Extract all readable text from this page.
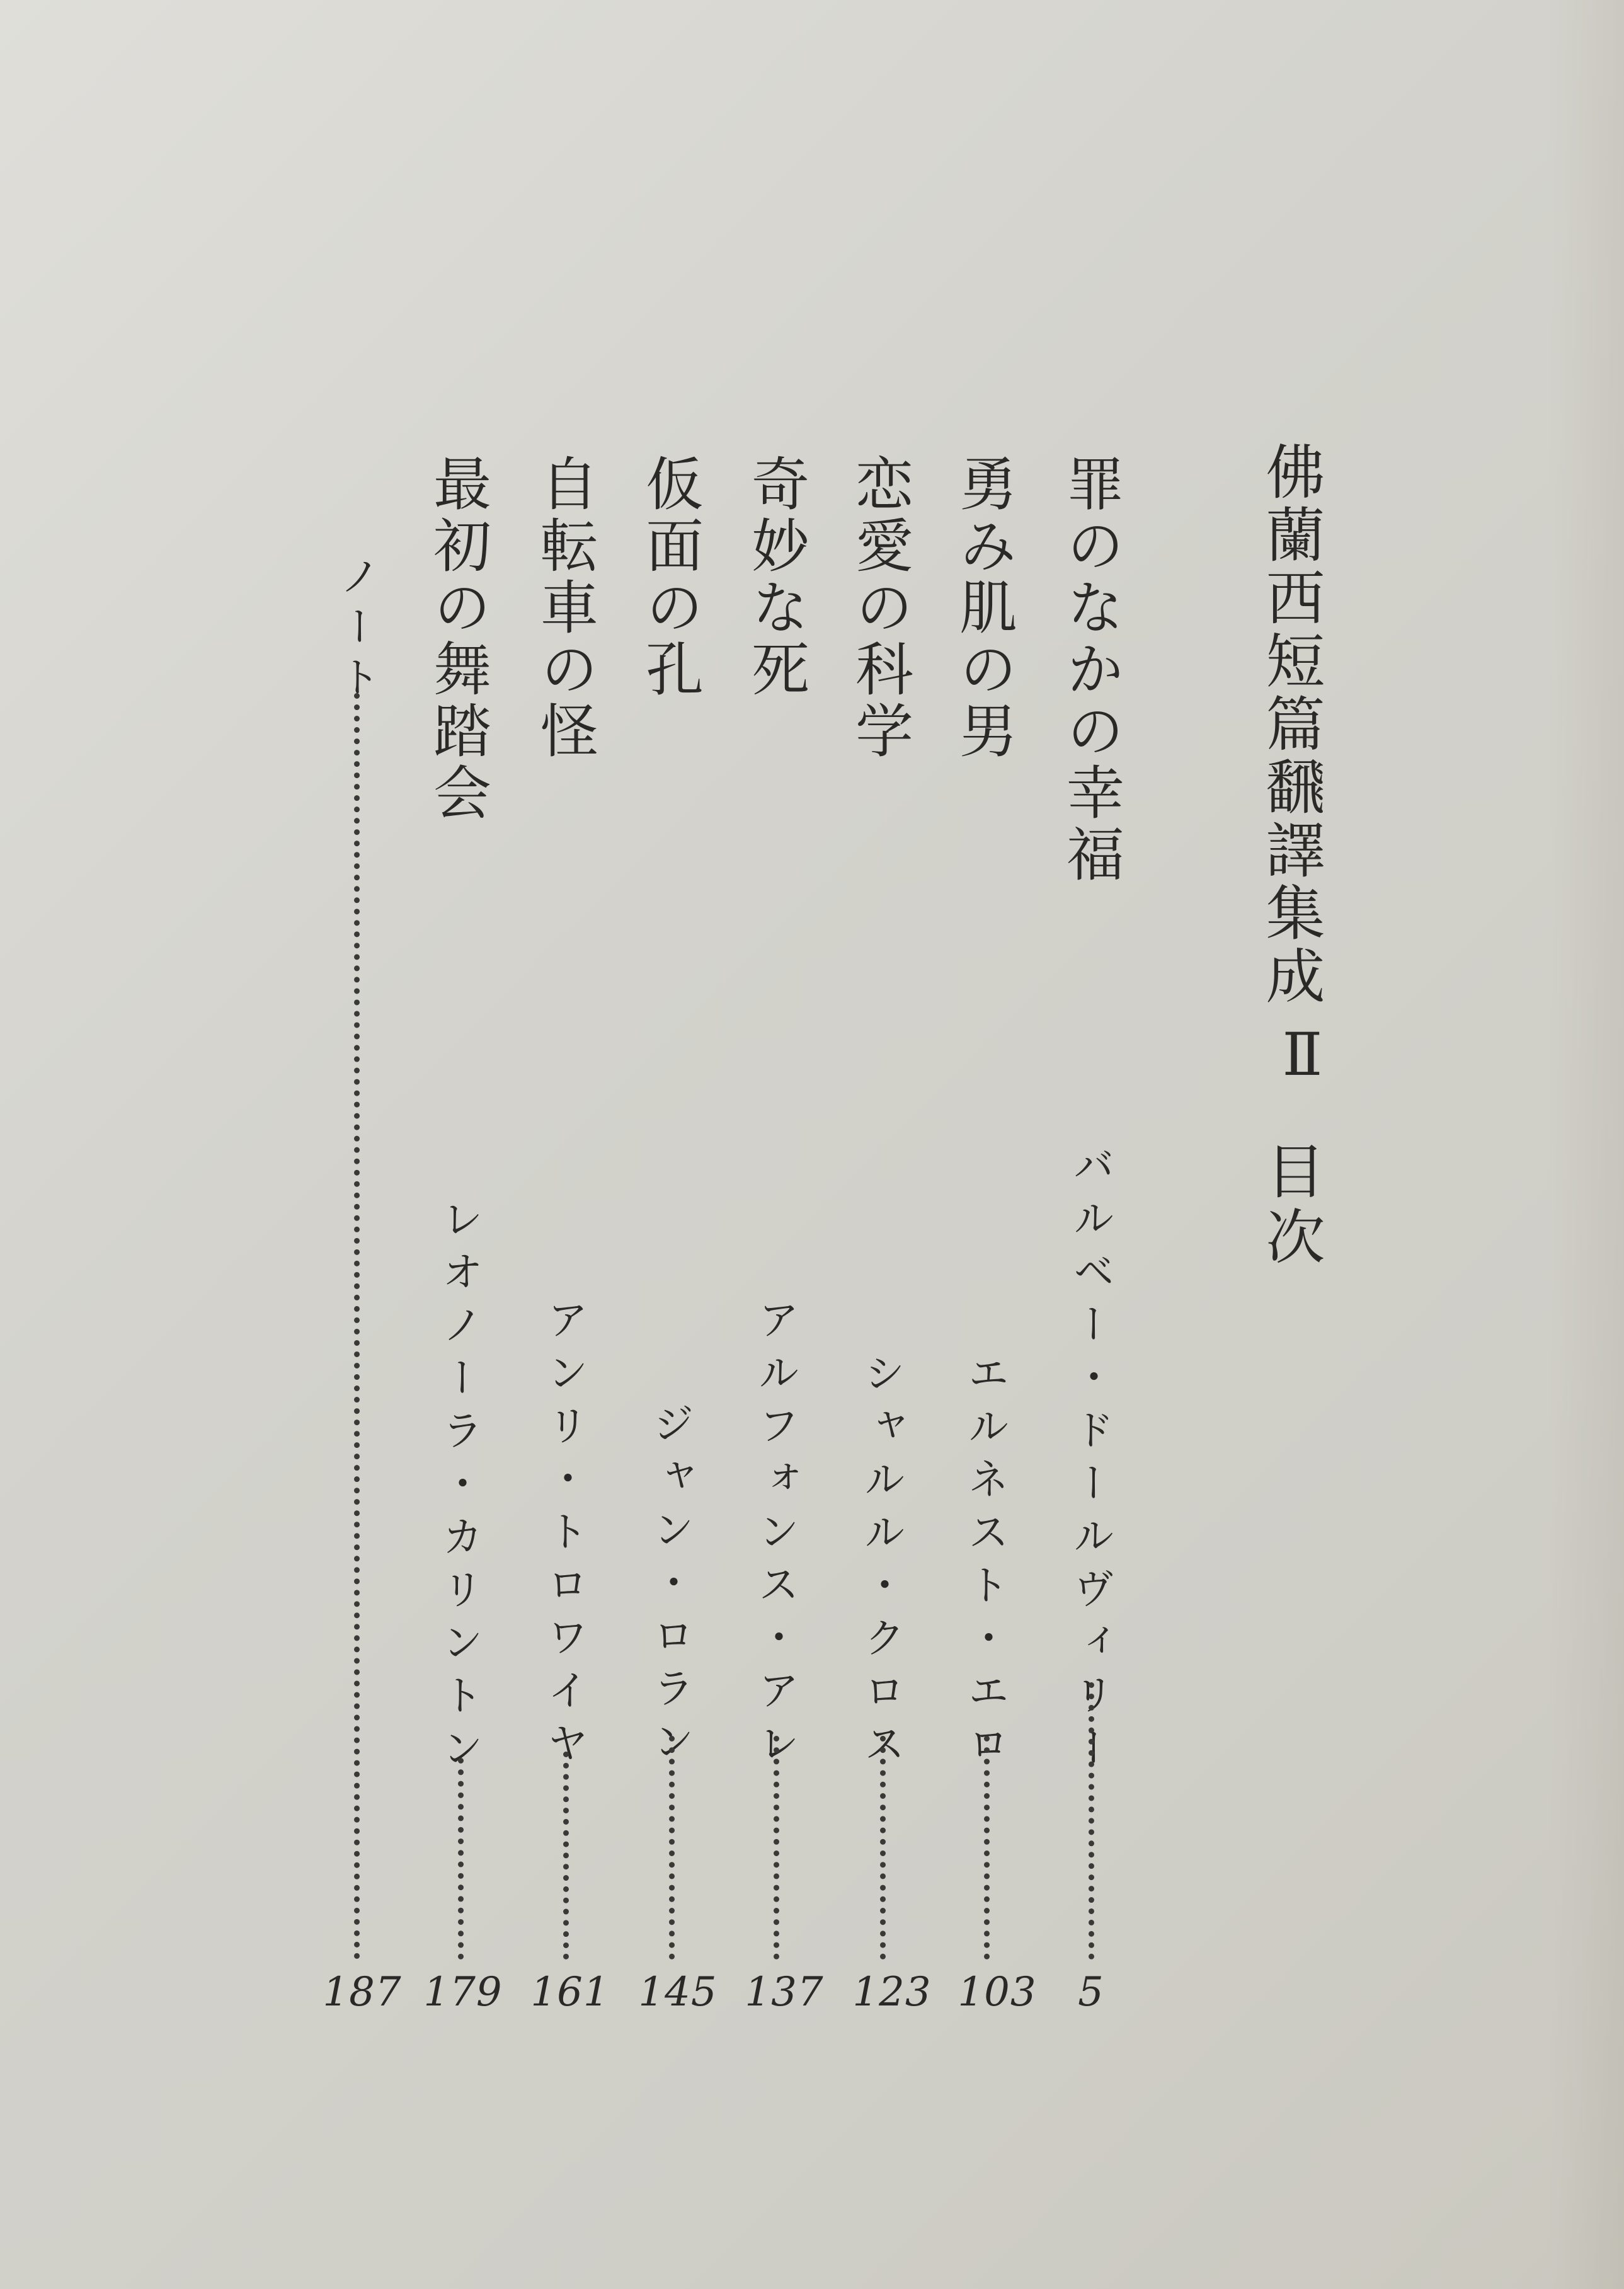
佛蘭西短篇飜譯集成
Ⅱ
目次
罪のなかの幸福
バルベー・ドールヴィリー
5
勇み肌の男
エルネスト・エロ
103
恋愛の科学
シャルル・クロス
123
奇妙な死
アルフォンス・アレ
137
仮面の孔
ジャン・ロラン
145
自転車の怪
アンリ・トロワイヤ
161
最初の舞踏会
レオノーラ・カリントン
179
ノート
187
